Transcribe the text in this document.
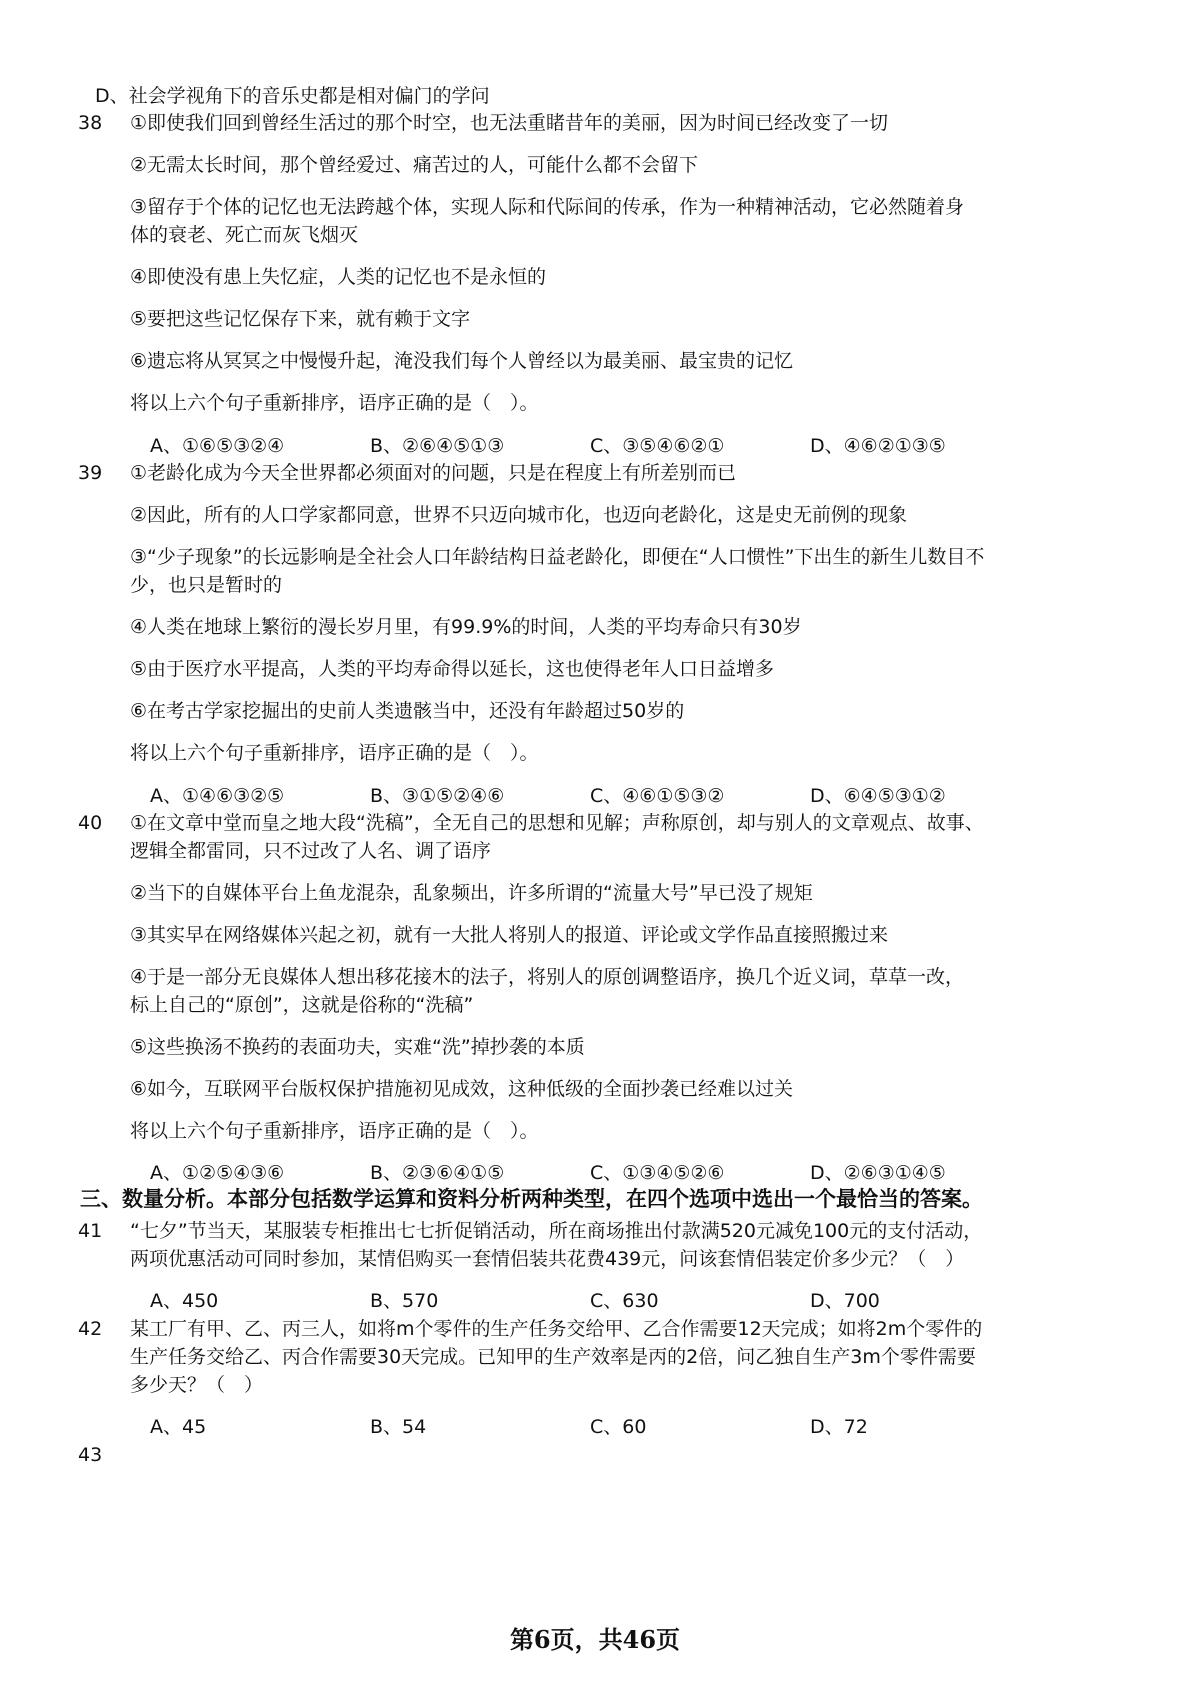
D、社会学视角下的音乐史都是相对偏门的学问
38 ①即使我们回到曾经生活过的那个时空，也无法重睹昔年的美丽，因为时间已经改变了一切
②无需太长时间，那个曾经爱过、痛苦过的人，可能什么都不会留下
③留存于个体的记忆也无法跨越个体，实现人际和代际间的传承，作为一种精神活动，它必然随着身
体的衰老、死亡而灰飞烟灭
④即使没有患上失忆症，人类的记忆也不是永恒的
⑤要把这些记忆保存下来，就有赖于文字
⑥遗忘将从冥冥之中慢慢升起，淹没我们每个人曾经以为最美丽、最宝贵的记忆
将以上六个句子重新排序，语序正确的是（　）。
A、①⑥⑤③②④	B、②⑥④⑤①③	C、③⑤④⑥②①	D、④⑥②①③⑤
39 ①老龄化成为今天全世界都必须面对的问题，只是在程度上有所差别而已
②因此，所有的人口学家都同意，世界不只迈向城市化，也迈向老龄化，这是史无前例的现象
③“少子现象”的长远影响是全社会人口年龄结构日益老龄化，即便在“人口惯性”下出生的新生儿数目不
少，也只是暂时的
④人类在地球上繁衍的漫长岁月里，有99.9%的时间，人类的平均寿命只有30岁
⑤由于医疗水平提高，人类的平均寿命得以延长，这也使得老年人口日益增多
⑥在考古学家挖掘出的史前人类遗骸当中，还没有年龄超过50岁的
将以上六个句子重新排序，语序正确的是（　）。
A、①④⑥③②⑤	B、③①⑤②④⑥	C、④⑥①⑤③②	D、⑥④⑤③①②
40 ①在文章中堂而皇之地大段“洗稿”，全无自己的思想和见解；声称原创，却与别人的文章观点、故事、
逻辑全都雷同，只不过改了人名、调了语序
②当下的自媒体平台上鱼龙混杂，乱象频出，许多所谓的“流量大号”早已没了规矩
③其实早在网络媒体兴起之初，就有一大批人将别人的报道、评论或文学作品直接照搬过来
④于是一部分无良媒体人想出移花接木的法子，将别人的原创调整语序，换几个近义词，草草一改，
标上自己的“原创”，这就是俗称的“洗稿”
⑤这些换汤不换药的表面功夫，实难“洗”掉抄袭的本质
⑥如今，互联网平台版权保护措施初见成效，这种低级的全面抄袭已经难以过关
将以上六个句子重新排序，语序正确的是（　）。
A、①②⑤④③⑥	B、②③⑥④①⑤	C、①③④⑤②⑥	D、②⑥③①④⑤
三、数量分析。本部分包括数学运算和资料分析两种类型，在四个选项中选出一个最恰当的答案。
41 “七夕”节当天，某服装专柜推出七七折促销活动，所在商场推出付款满520元减免100元的支付活动，
两项优惠活动可同时参加，某情侣购买一套情侣装共花费439元，问该套情侣装定价多少元？（　）
A、450	B、570	C、630	D、700
42 某工厂有甲、乙、丙三人，如将m个零件的生产任务交给甲、乙合作需要12天完成；如将2m个零件的
生产任务交给乙、丙合作需要30天完成。已知甲的生产效率是丙的2倍，问乙独自生产3m个零件需要
多少天？（　）
A、45	B、54	C、60	D、72
43
第6页，共46页
